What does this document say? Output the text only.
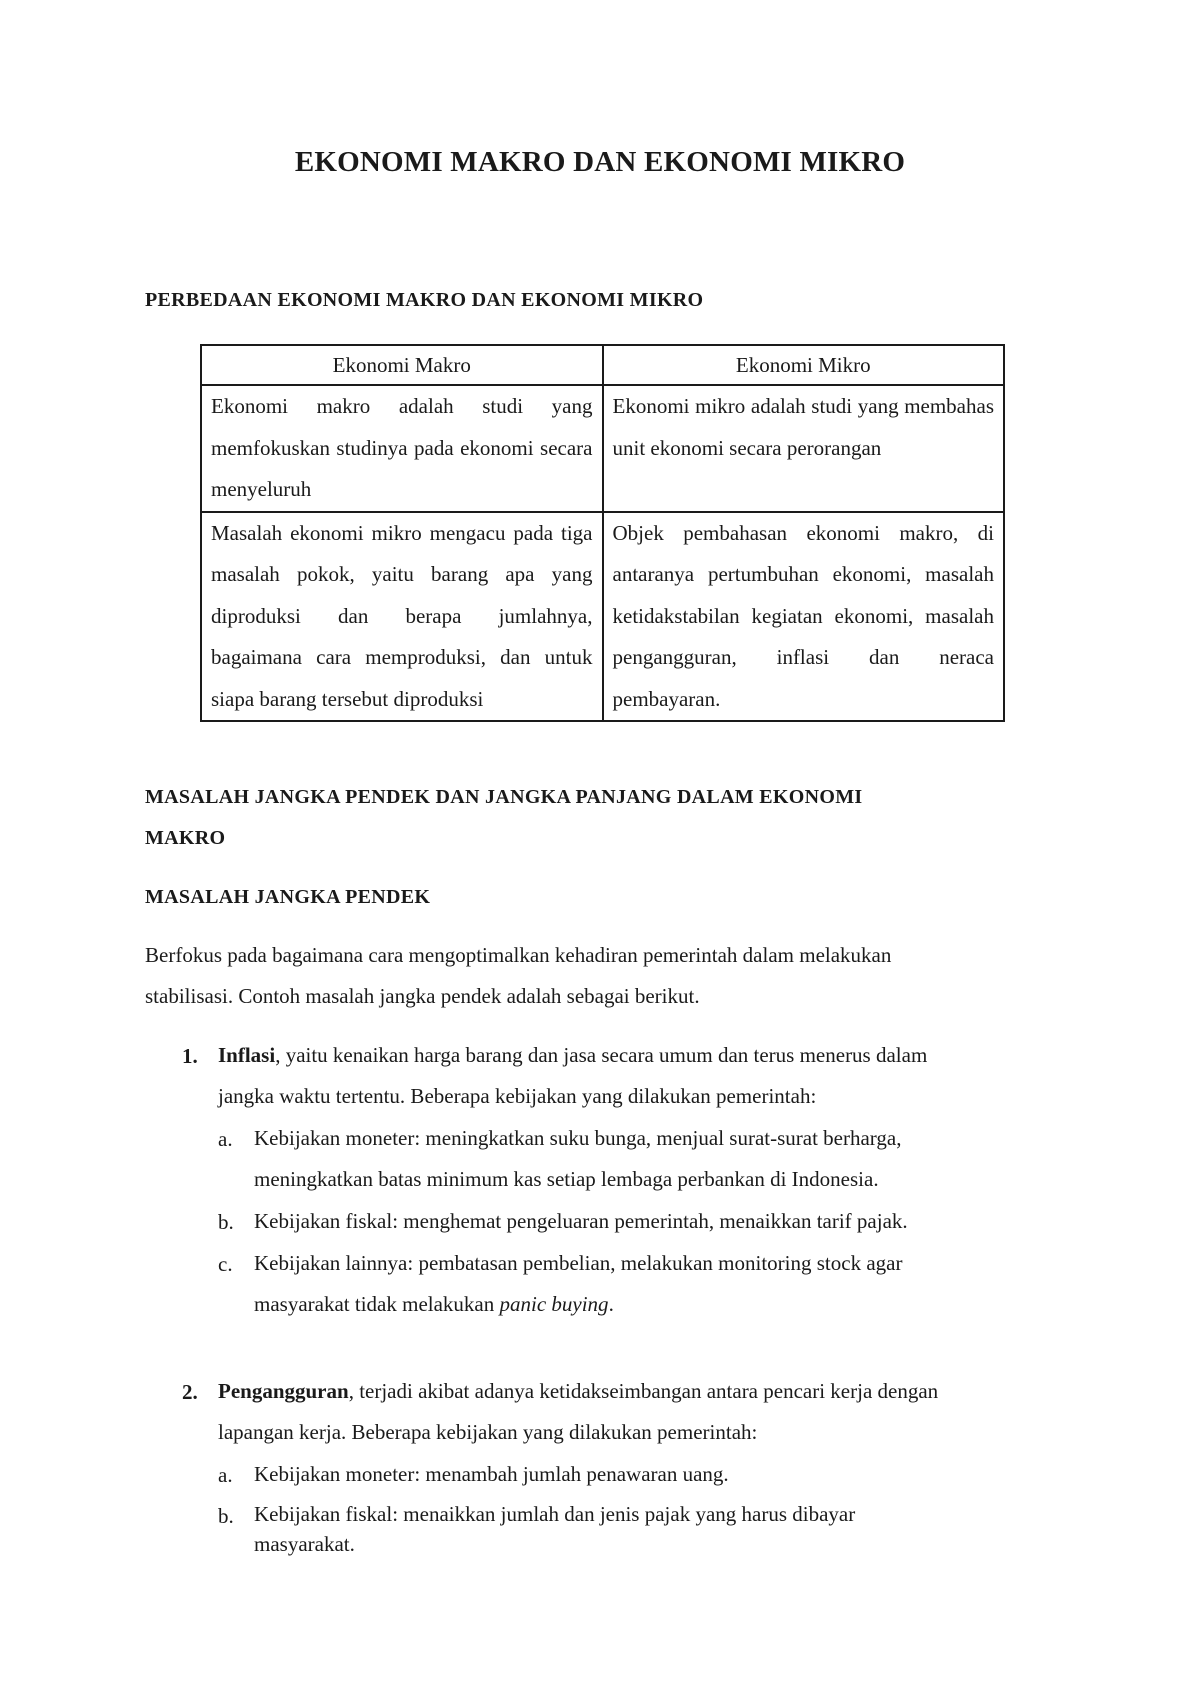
EKONOMI MAKRO DAN EKONOMI MIKRO
PERBEDAAN EKONOMI MAKRO DAN EKONOMI MIKRO
Ekonomi Makro	Ekonomi Mikro
Ekonomi makro adalah studi yang memfokuskan studinya pada ekonomi secara menyeluruh	Ekonomi mikro adalah studi yang membahas unit ekonomi secara perorangan
Masalah ekonomi mikro mengacu pada tiga masalah pokok, yaitu barang apa yang diproduksi dan berapa jumlahnya, bagaimana cara memproduksi, dan untuk siapa barang tersebut diproduksi	Objek pembahasan ekonomi makro, di antaranya pertumbuhan ekonomi, masalah ketidakstabilan kegiatan ekonomi, masalah pengangguran, inflasi dan neraca pembayaran.
MASALAH JANGKA PENDEK DAN JANGKA PANJANG DALAM EKONOMI
MAKRO
MASALAH JANGKA PENDEK
Berfokus pada bagaimana cara mengoptimalkan kehadiran pemerintah dalam melakukan
stabilisasi. Contoh masalah jangka pendek adalah sebagai berikut.
1. Inflasi, yaitu kenaikan harga barang dan jasa secara umum dan terus menerus dalam
jangka waktu tertentu. Beberapa kebijakan yang dilakukan pemerintah:
a. Kebijakan moneter: meningkatkan suku bunga, menjual surat-surat berharga,
meningkatkan batas minimum kas setiap lembaga perbankan di Indonesia.
b. Kebijakan fiskal: menghemat pengeluaran pemerintah, menaikkan tarif pajak.
c. Kebijakan lainnya: pembatasan pembelian, melakukan monitoring stock agar
masyarakat tidak melakukan panic buying.
2. Pengangguran, terjadi akibat adanya ketidakseimbangan antara pencari kerja dengan
lapangan kerja. Beberapa kebijakan yang dilakukan pemerintah:
a. Kebijakan moneter: menambah jumlah penawaran uang.
b. Kebijakan fiskal: menaikkan jumlah dan jenis pajak yang harus dibayar
masyarakat.
